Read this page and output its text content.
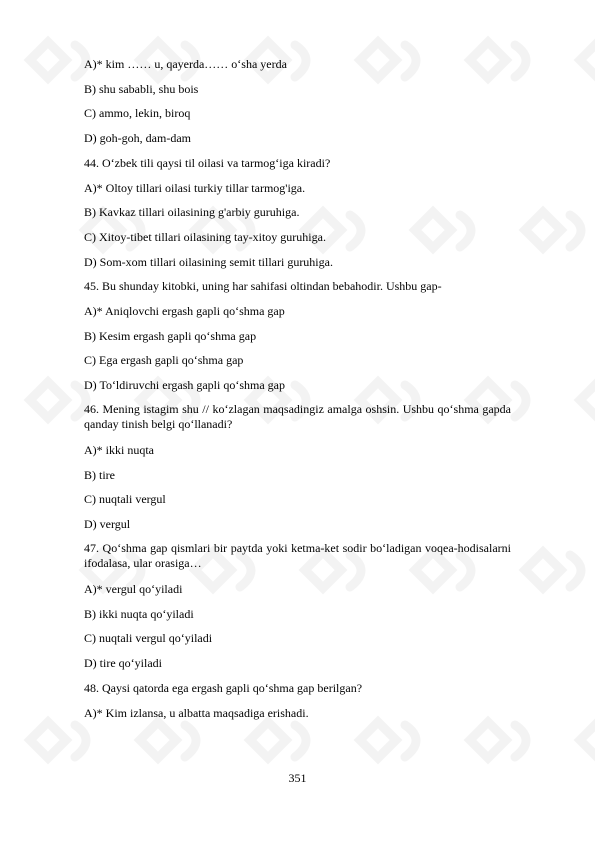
A)* kim …… u, qayerda…… o‘sha yerda
B) shu sababli, shu bois
C) ammo, lekin, biroq
D) goh-goh, dam-dam
44. O‘zbek tili qaysi til oilasi va tarmog‘iga kiradi?
A)* Oltoy tillari oilasi turkiy tillar tarmog'iga.
B) Kavkaz tillari oilasining g'arbiy guruhiga.
C) Xitoy-tibet tillari oilasining tay-xitoy guruhiga.
D) Som-xom tillari oilasining semit tillari guruhiga.
45. Bu shunday kitobki, uning har sahifasi oltindan bebahodir. Ushbu gap-
A)* Aniqlovchi ergash gapli qo‘shma gap
B) Kesim ergash gapli qo‘shma gap
C) Ega ergash gapli qo‘shma gap
D) To‘ldiruvchi ergash gapli qo‘shma gap
46. Mening istagim shu // ko‘zlagan maqsadingiz amalga oshsin. Ushbu qo‘shma gapda qanday tinish belgi qo‘llanadi?
A)* ikki nuqta
B) tire
C) nuqtali vergul
D) vergul
47. Qo‘shma gap qismlari bir paytda yoki ketma-ket sodir bo‘ladigan voqea-hodisalarni ifodalasa, ular orasiga…
A)* vergul qo‘yiladi
B) ikki nuqta qo‘yiladi
C) nuqtali vergul qo‘yiladi
D) tire qo‘yiladi
48. Qaysi qatorda ega ergash gapli qo‘shma gap berilgan?
A)* Kim izlansa, u albatta maqsadiga erishadi.
351
